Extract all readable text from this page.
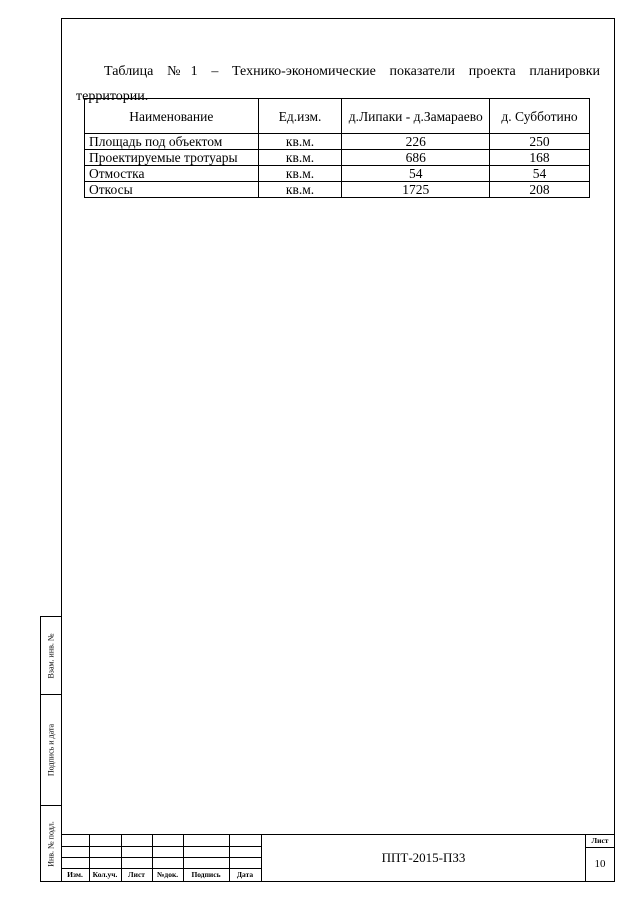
Таблица №1 – Технико-экономические показатели проекта планировки территории.

Наименование	Ед.изм.	д.Липаки - д.Замараево	д. Субботино
Площадь под объектом	кв.м.	226	250
Проектируемые тротуары	кв.м.	686	168
Отмостка	кв.м.	54	54
Откосы	кв.м.	1725	208
Взам. инв. №
Подпись и дата
Инв. № подл.
Изм.	Кол.уч.	Лист	№док.	Подпись	Дата
ППТ-2015-ПЗ3
Лист
10
